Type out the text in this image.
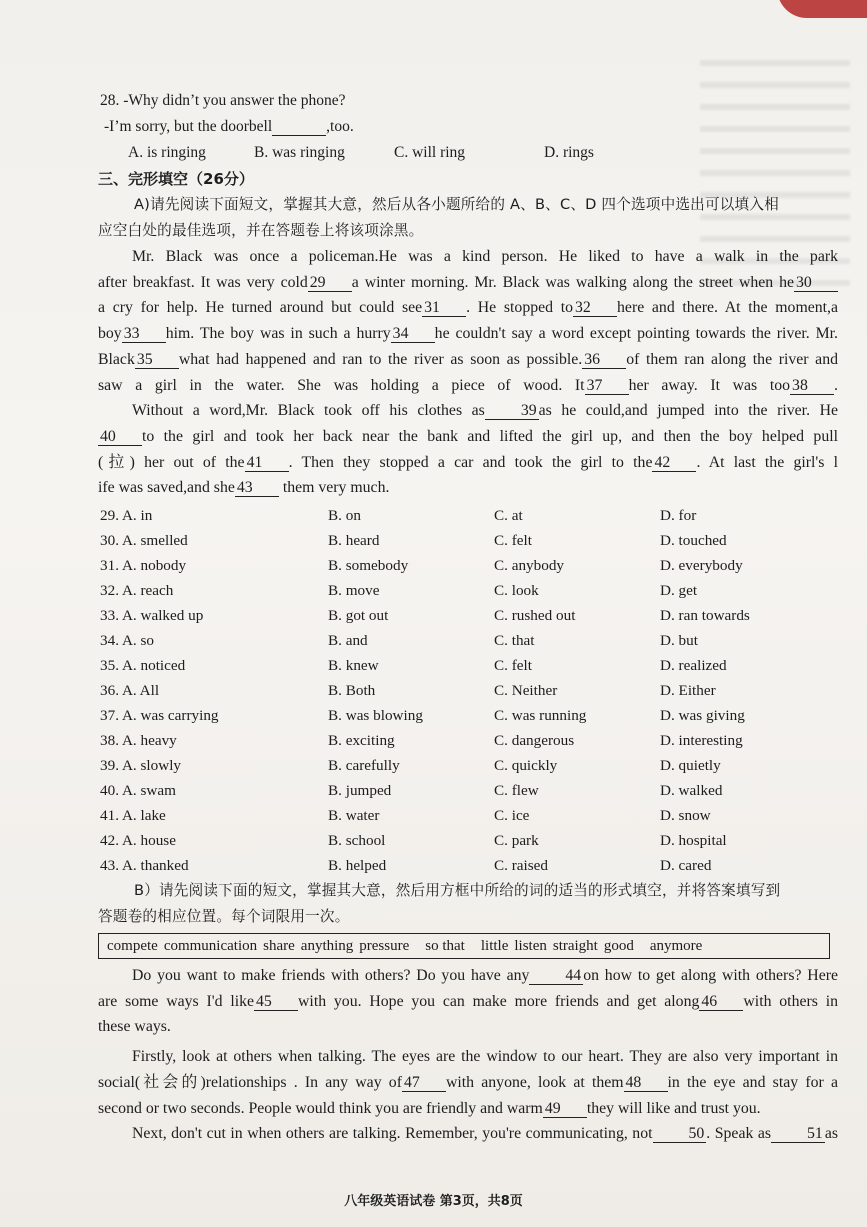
28. -Why didn’t you answer the phone?
-I’m sorry, but the doorbell	,too.
A. is ringing	B. was ringing	C. will ring	D. rings
三、完形填空（26分）
A)请先阅读下面短文，掌握其大意，然后从各小题所给的 A、B、C、D 四个选项中选出可以填入相
应空白处的最佳选项，并在答题卷上将该项涂黑。
Mr. Black was once a policeman.He was a kind person. He liked to have a walk in the park
after breakfast. It was very cold 29 a winter morning. Mr. Black was walking along the street when he 30
a cry for help. He turned around but could see 31 . He stopped to 32 here and there. At the moment,a
boy 33 him. The boy was in such a hurry 34 he couldn't say a word except pointing towards the river. Mr.
Black 35 what had happened and ran to the river as soon as possible. 36 of them ran along the river and
saw a girl in the water. She was holding a piece of wood. It 37 her away. It was too 38 .
Without a word,Mr. Black took off his clothes as 39 as he could,and jumped into the river. He
40 to the girl and took her back near the bank and lifted the girl up, and then the boy helped pull
(拉) her out of the 41 . Then they stopped a car and took the girl to the 42 . At last the girl's l
ife was saved,and she 43 them very much.
29. A. in	B. on	C. at	D. for
30. A. smelled	B. heard	C. felt	D. touched
31. A. nobody	B. somebody	C. anybody	D. everybody
32. A. reach	B. move	C. look	D. get
33. A. walked up	B. got out	C. rushed out	D. ran towards
34. A. so	B. and	C. that	D. but
35. A. noticed	B. knew	C. felt	D. realized
36. A. All	B. Both	C. Neither	D. Either
37. A. was carrying	B. was blowing	C. was running	D. was giving
38. A. heavy	B. exciting	C. dangerous	D. interesting
39. A. slowly	B. carefully	C. quickly	D. quietly
40. A. swam	B. jumped	C. flew	D. walked
41. A. lake	B. water	C. ice	D. snow
42. A. house	B. school	C. park	D. hospital
43. A. thanked	B. helped	C. raised	D. cared
B）请先阅读下面的短文，掌握其大意，然后用方框中所给的词的适当的形式填空，并将答案填写到
答题卷的相应位置。每个词限用一次。
compete communication share anything pressure so that little listen straight good anymore
Do you want to make friends with others? Do you have any 44 on how to get along with others? Here
are some ways I'd like 45 with you. Hope you can make more friends and get along 46 with others in
these ways.
Firstly, look at others when talking. The eyes are the window to our heart. They are also very important in
social(社会的)relationships . In any way of 47 with anyone, look at them 48 in the eye and stay for a
second or two seconds. People would think you are friendly and warm 49 they will like and trust you.
Next, don't cut in when others are talking. Remember, you're communicating, not 50 . Speak as 51 as
八年级英语试卷 第3页，共8页
